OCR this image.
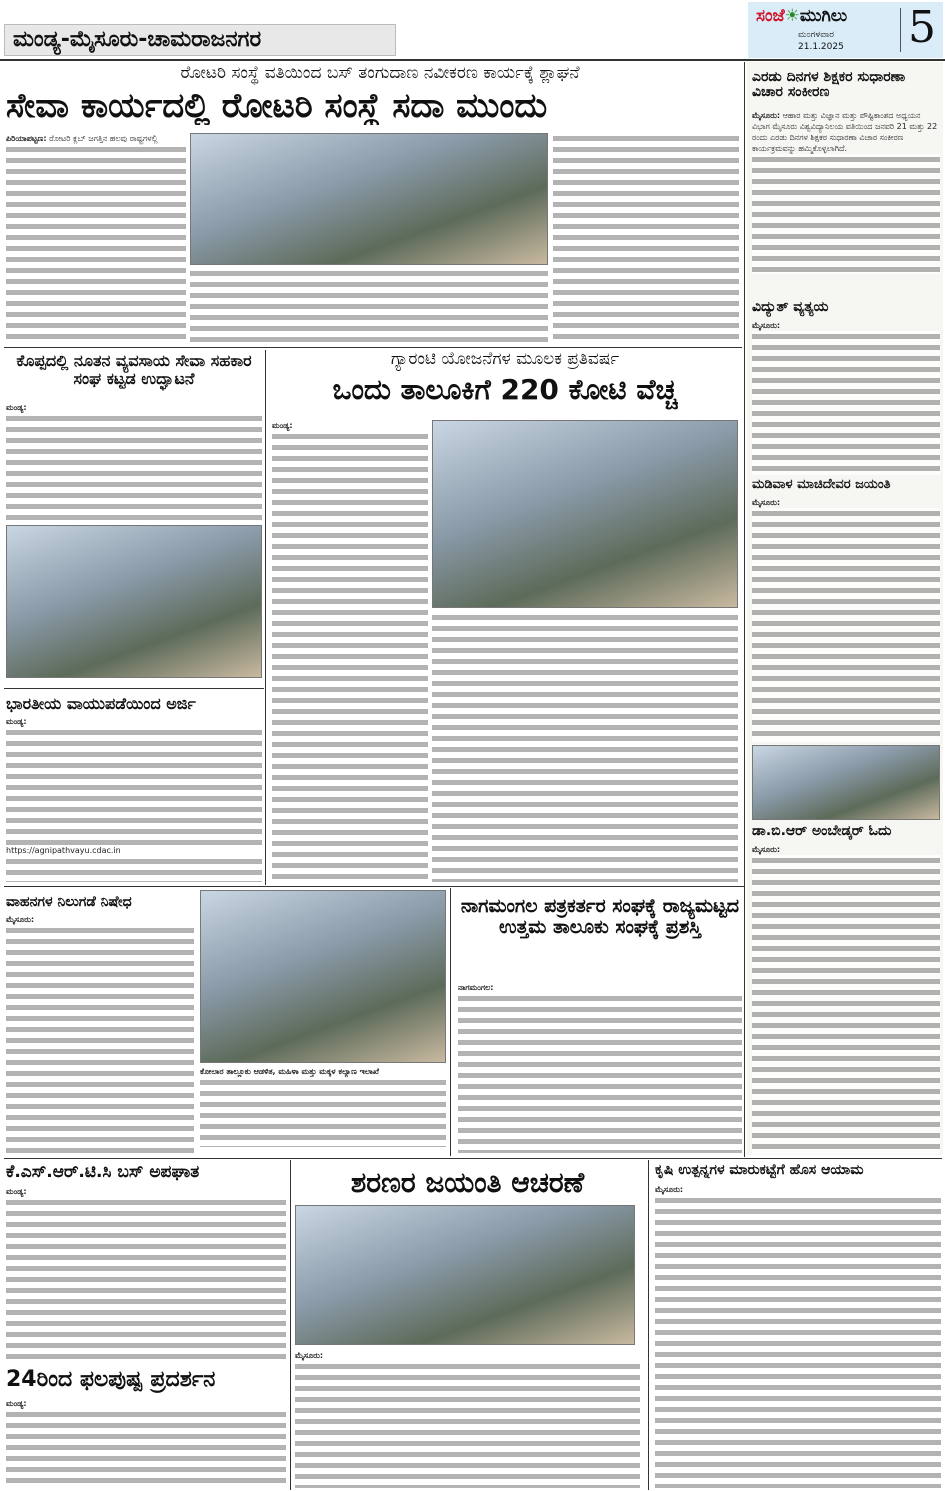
ಮಂಡ್ಯ-ಮೈಸೂರು-ಚಾಮರಾಜನಗರ
ಸಂಜೆ☀ಮುಗಿಲು
ಮಂಗಳವಾರ
21.1.2025 5
ರೋಟರಿ ಸಂಸ್ಥೆ ವತಿಯಿಂದ ಬಸ್ ತಂಗುದಾಣ ನವೀಕರಣ ಕಾರ್ಯಕ್ಕೆ ಶ್ಲಾಘನೆ
ಸೇವಾ ಕಾರ್ಯದಲ್ಲಿ ರೋಟರಿ ಸಂಸ್ಥೆ ಸದಾ ಮುಂದು
ಪಿರಿಯಾಪಟ್ಟಣ: ರೋಟರಿ ಕ್ಲಬ್ ಜಗತ್ತಿನ ಹಲವು ರಾಷ್ಟ್ರಗಳಲ್ಲಿ
ಎರಡು ದಿನಗಳ ಶಿಕ್ಷಕರ ಸುಧಾರಣಾ ವಿಚಾರ ಸಂಕೀರಣ
ಮೈಸೂರು: ಆಹಾರ ಮತ್ತು ವಿಜ್ಞಾನ ಮತ್ತು ಪೌಷ್ಟಿಕಾಂಶದ ಅಧ್ಯಯನ ವಿಭಾಗ ಮೈಸೂರು ವಿಶ್ವವಿದ್ಯಾನಿಲಯ ವತಿಯಿಂದ ಜನವರಿ 21 ಮತ್ತು 22 ರಂದು ಎರಡು ದಿನಗಳ ಶಿಕ್ಷಕರ ಸುಧಾರಣಾ ವಿಚಾರ ಸಂಕೀರಣ ಕಾರ್ಯಕ್ರಮವನ್ನು ಹಮ್ಮಿಕೊಳ್ಳಲಾಗಿದೆ.
ವಿದ್ಯುತ್ ವ್ಯತ್ಯಯ
ಮೈಸೂರು:
ಮಡಿವಾಳ ಮಾಚಿದೇವರ ಜಯಂತಿ
ಮೈಸೂರು:
ಡಾ.ಬಿ.ಆರ್ ಅಂಬೇಡ್ಕರ್ ಓದು
ಮೈಸೂರು:
ಕೊಪ್ಪದಲ್ಲಿ ನೂತನ ವ್ಯವಸಾಯ ಸೇವಾ ಸಹಕಾರ ಸಂಘ ಕಟ್ಟಡ ಉದ್ಘಾಟನೆ
ಮಂಡ್ಯ:
ಭಾರತೀಯ ವಾಯುಪಡೆಯಿಂದ ಅರ್ಜಿ
ಮಂಡ್ಯ:
https://agnipathvayu.cdac.in
ಗ್ಯಾರಂಟಿ ಯೋಜನೆಗಳ ಮೂಲಕ ಪ್ರತಿವರ್ಷ
ಒಂದು ತಾಲೂಕಿಗೆ 220 ಕೋಟಿ ವೆಚ್ಚ
ಮಂಡ್ಯ:
ವಾಹನಗಳ ನಿಲುಗಡೆ ನಿಷೇಧ
ಮೈಸೂರು:
ಕೋಲಾರ ತಾಲ್ಲೂಕು ಆಡಳಿತ, ಮಹಿಳಾ ಮತ್ತು ಮಕ್ಕಳ ಕಲ್ಯಾಣ ಇಲಾಖೆ
ನಾಗಮಂಗಲ ಪತ್ರಕರ್ತರ ಸಂಘಕ್ಕೆ ರಾಜ್ಯಮಟ್ಟದ ಉತ್ತಮ ತಾಲೂಕು ಸಂಘಕ್ಕೆ ಪ್ರಶಸ್ತಿ
ನಾಗಮಂಗಲ:
ಕೆ.ಎಸ್.ಆರ್.ಟಿ.ಸಿ ಬಸ್ ಅಪಘಾತ
ಮಂಡ್ಯ:
24ರಿಂದ ಫಲಪುಷ್ಪ ಪ್ರದರ್ಶನ
ಮಂಡ್ಯ:
ಶರಣರ ಜಯಂತಿ ಆಚರಣೆ
ಮೈಸೂರು:
ಕೃಷಿ ಉತ್ಪನ್ನಗಳ ಮಾರುಕಟ್ಟೆಗೆ ಹೊಸ ಆಯಾಮ
ಮೈಸೂರು:
